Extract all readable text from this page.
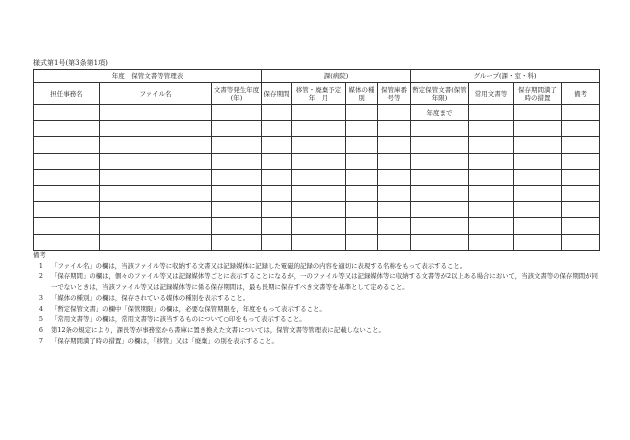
様式第1号(第3条第1項)
年度　保管文書等管理表			課(病院)				グループ(課・室・科)			
担任事務名	ファイル名	文書等発生年度(年)	保存期間	移管・廃棄予定　年　月	媒体の種別	保管庫番号等	暫定保管文書(保管年限)	常用文書等	保存期間満了時の措置	備考
							年度まで			

備考
1 「ファイル名」の欄は，当該ファイル等に収納する文書又は記録媒体に記録した電磁的記録の内容を適切に表現する名称をもって表示すること。
2 「保存期間」の欄は，個々のファイル等又は記録媒体等ごとに表示することになるが，一のファイル等又は記録媒体等に収納する文書等が2以上ある場合において，当該文書等の保存期間が同一でないときは，当該ファイル等又は記録媒体等に係る保存期間は，最も長期に保存すべき文書等を基準として定めること。
3 「媒体の種別」の欄は，保存されている媒体の種別を表示すること。
4 「暫定保管文書」の欄中「保管期限」の欄は，必要な保管期限を，年度をもって表示すること。
5 「常用文書等」の欄は，常用文書等に該当するものについて○印をもって表示すること。
6 第12条の規定により，課長等が事務室から書庫に置き換えた文書については，保管文書等管理表に記載しないこと。
7 「保存期間満了時の措置」の欄は，「移管」又は「廃棄」の別を表示すること。
